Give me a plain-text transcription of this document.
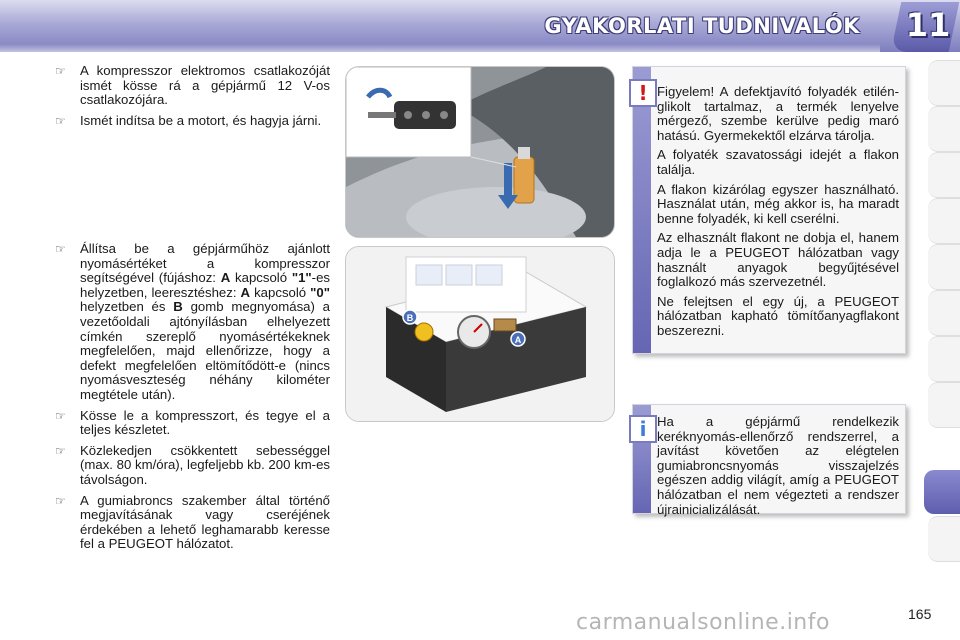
GYAKORLATI TUDNIVALÓK 11
☞ A kompresszor elektromos csatlakozóját ismét kösse rá a gépjármű 12 V-os csatlakozójára.
☞ Ismét indítsa be a motort, és hagyja járni.
☞ Állítsa be a gépjárműhöz ajánlott nyomásértéket a kompresszor segítségével (fújáshoz: A kapcsoló "1"-es helyzetben, leeresztéshez: A kapcsoló "0" helyzetben és B gomb megnyomása) a vezetőoldali ajtónyílásban elhelyezett címkén szereplő nyomásértékeknek megfelelően, majd ellenőrizze, hogy a defekt megfelelően eltömítődött-e (nincs nyomásveszteség néhány kilométer megtétele után).
☞ Kösse le a kompresszort, és tegye el a teljes készletet.
☞ Közlekedjen csökkentett sebességgel (max. 80 km/óra), legfeljebb kb. 200 km-es távolságon.
☞ A gumiabroncs szakember által történő megjavításának vagy cseréjének érdekében a lehető leghamarabb keresse fel a PEUGEOT hálózatot.
B
A
! Figyelem! A defektjavító folyadék etilén-glikolt tartalmaz, a termék lenyelve mérgező, szembe kerülve pedig maró hatású. Gyermekektől elzárva tárolja.

A folyaték szavatossági idejét a flakon találja.

A flakon kizárólag egyszer használható. Használat után, még akkor is, ha maradt benne folyadék, ki kell cserélni.

Az elhasznált flakont ne dobja el, hanem adja le a PEUGEOT hálózatban vagy használt anyagok begyűjtésével foglalkozó más szervezetnél.

Ne felejtsen el egy új, a PEUGEOT hálózatban kapható tömítőanyagflakont beszerezni.

i Ha a gépjármű rendelkezik keréknyomás-ellenőrző rendszerrel, a javítást követően az elégtelen gumiabroncsnyomás visszajelzés egészen addig világít, amíg a PEUGEOT hálózatban el nem végezteti a rendszer újrainicializálását.

carmanualsonline.info	165
